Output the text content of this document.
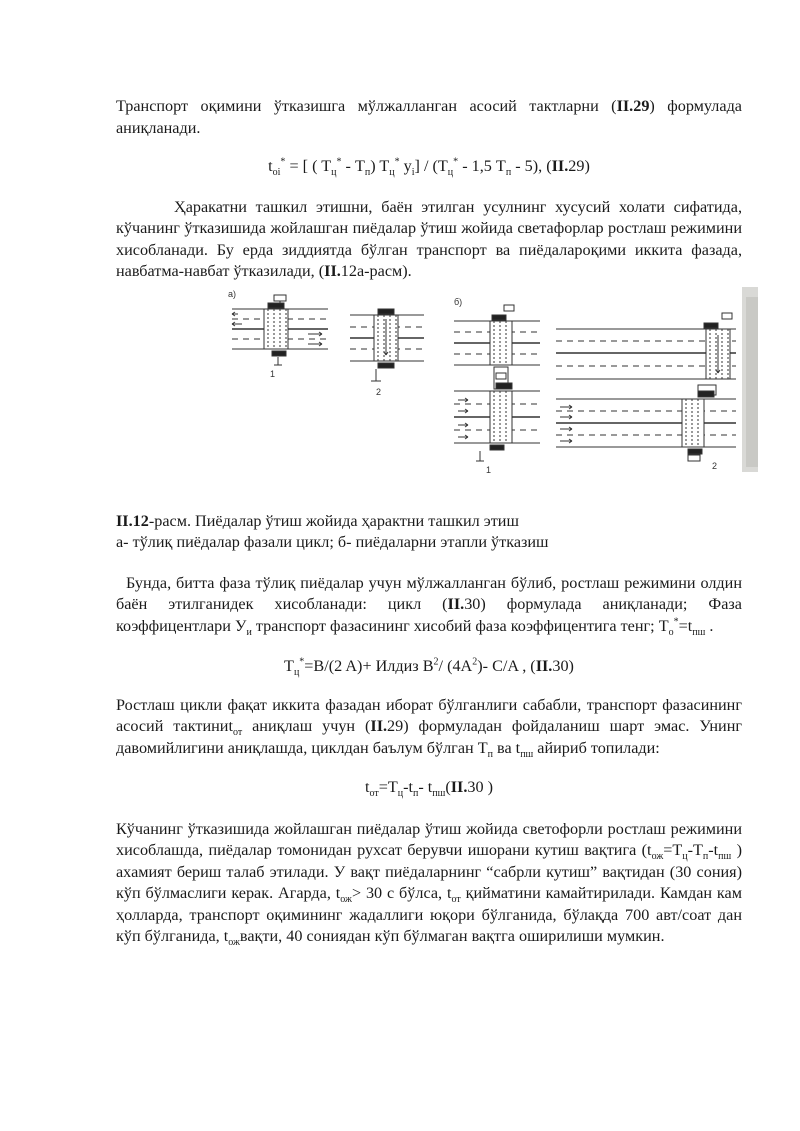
Транспорт оқимини ўтказишга мўлжалланган асосий тактларни (II.29) формулада аниқланади.

$t_{oi}^*$ = [ ( $T_ц^* - T_п$) $T_ц^*$ $y_i] / (T_ц^* - 1,5$ $T_п - 5$), (II.29)

Ҳаракатни ташкил этишни, баён этилган усулнинг хусусий холати сифатида, кўчанинг ўтказишида жойлашган пиёдалар ўтиш жойида светафорлар ростлаш режимини хисобланади. Бу ерда зиддиятда бўлган транспорт ва пиёдалароқими иккита фазада, навбатма-навбат ўтказилади, (II.12а-расм).

а)
1
2
б)
1	2

II.12-расм. Пиёдалар ўтиш жойида ҳарактни ташкил этиш
а- тўлиқ пиёдалар фазали цикл; б- пиёдаларни этапли ўтказиш

Бунда, битта фаза тўлиқ пиёдалар учун мўлжалланган бўлиб, ростлаш режимини олдин баён этилганидек хисобланади: цикл (II.30) формулада аниқланади; Фаза коэффицентлари $У_и$ транспорт фазасининг хисобий фаза коэффицентига тенг; $T_о^*=t_{пш}$ .

$T_ц^*=B/(2$ A)+ Илдиз $B^2/$ $(4A^2)-$ C/A , (II.30)

Ростлаш цикли фақат иккита фазадан иборат бўлганлиги сабабли, транспорт фазасининг асосий тактиниt$_{от}$ аниқлаш учун (II.29) формуладан фойдаланиш шарт эмас. Унинг давомийлигини аниқлашда, циклдан баълум бўлган $T_п$ ва $t_{пш}$ айириб топилади:

$t_{от}=T_ц-t_п-$ $t_{пш}(II.30$ )

Кўчанинг ўтказишида жойлашган пиёдалар ўтиш жойида светофорли ростлаш режимини хисоблашда, пиёдалар томонидан рухсат берувчи ишорани кутиш вақтига ($t_{ож}=T_ц-T_п-t_{пш}$ ) ахамият бериш талаб этилади. У вақт пиёдаларнинг “сабрли кутиш” вақтидан (30 сония) кўп бўлмаслиги керак. Агарда, $t_{ож}> 30$ с бўлса, $t_{от}$ қийматини камайтирилади. Камдан кам ҳолларда, транспорт оқимининг жадаллиги юқори бўлганида, бўлақда 700 авт/соат дан кўп бўлганида, $t_{ож}вақти$, 40 сониядан кўп бўлмаган вақтга оширилиши мумкин.
